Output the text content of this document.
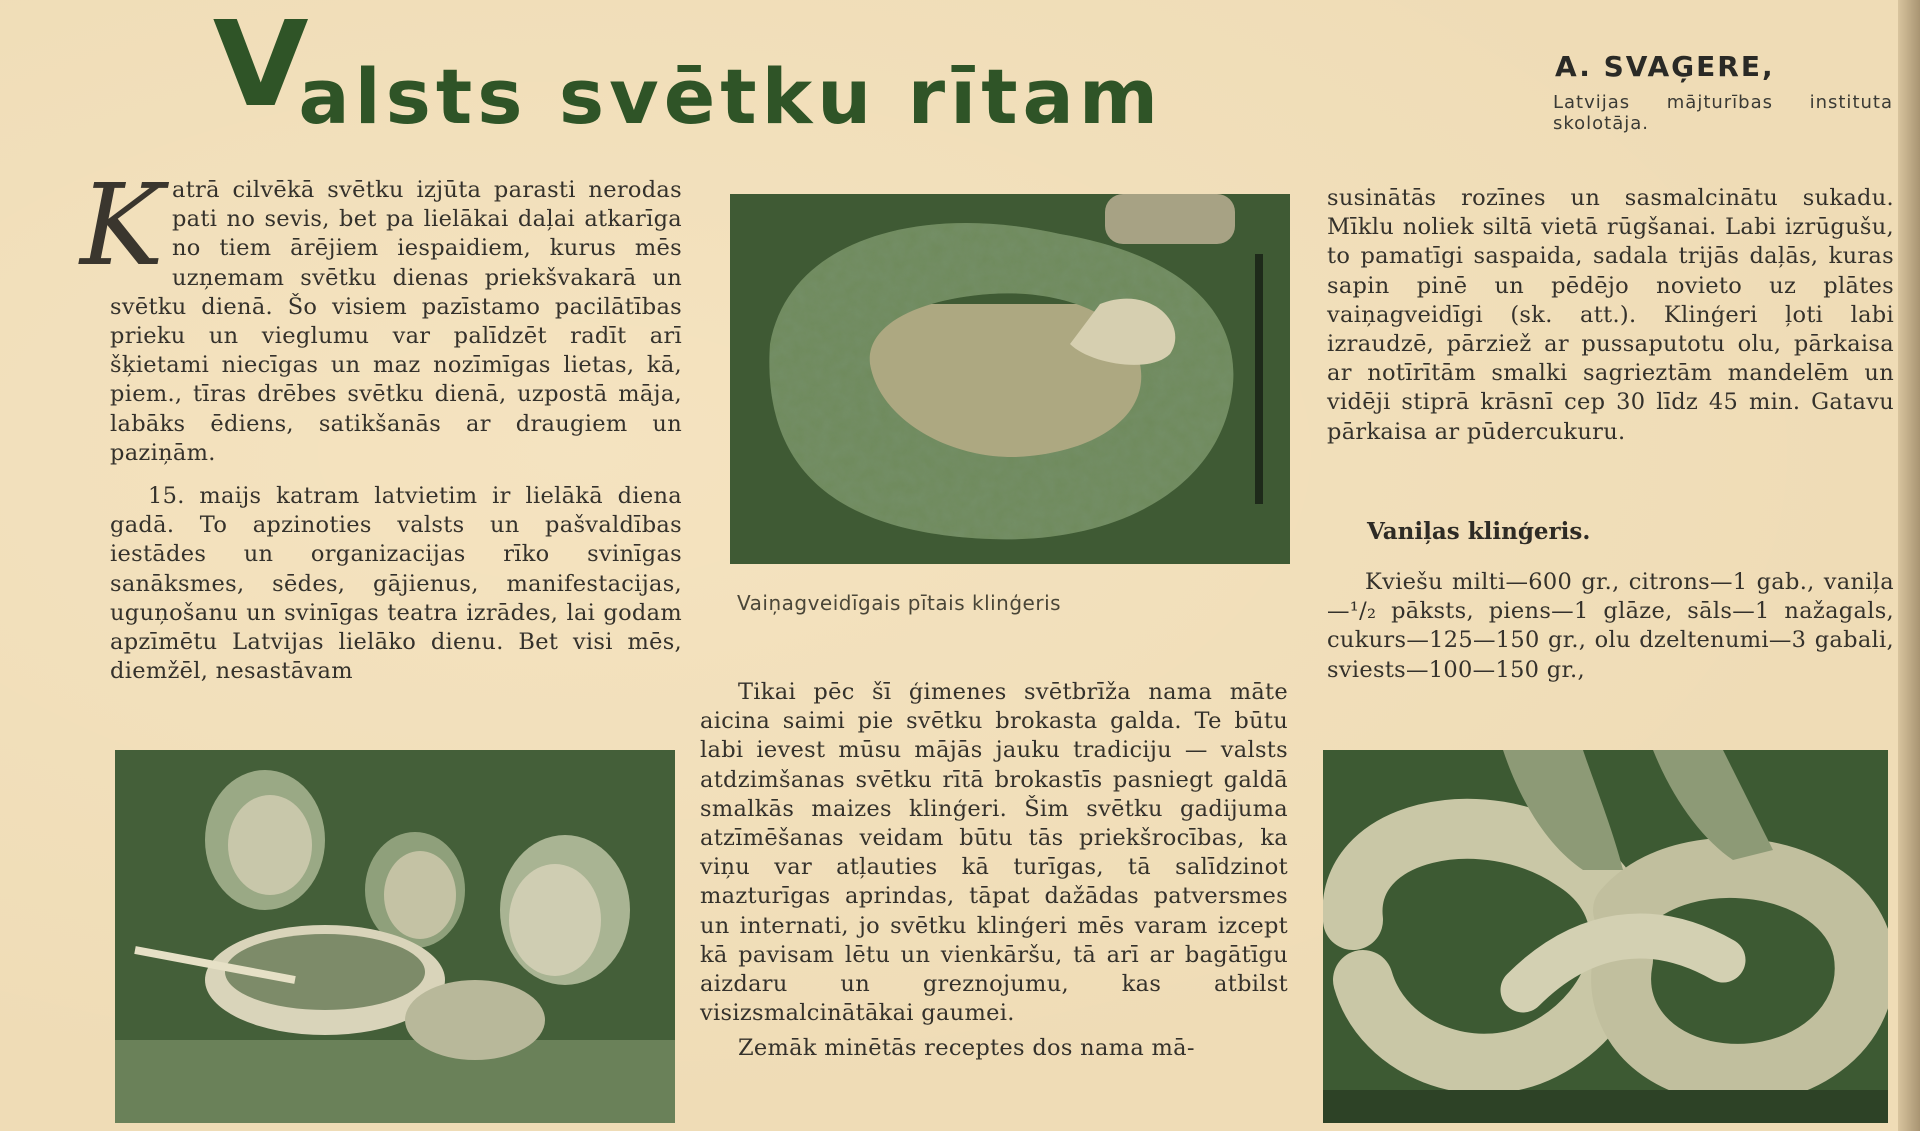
Valsts svētku rītam	A. SVAĢERE,
Latvijas mājturības instituta skolotāja.

Katrā cilvēkā svētku izjūta parasti nerodas pati no sevis, bet pa lielākai daļai atkarīga no tiem ārējiem iespaidiem, kurus mēs uzņemam svētku dienas priekšvakarā un svētku dienā. Šo visiem pazīstamo pacilātības prieku un vieglumu var palīdzēt radīt arī šķietami niecīgas un maz nozīmīgas lietas, kā, piem., tīras drēbes svētku dienā, uzpostā māja, labāks ēdiens, satikšanās ar draugiem un paziņām.

15. maijs katram latvietim ir lielākā diena gadā. To apzinoties valsts un pašvaldības iestādes un organizacijas rīko svinīgas sanāksmes, sēdes, gājienus, manifestacijas, uguņošanu un svinīgas teatra izrādes, lai godam apzīmētu Latvijas lielāko dienu. Bet visi mēs, diemžēl, nesastāvam

Vaiņagveidīgais pītais klinģeris

Tikai pēc šī ģimenes svētbrīža nama māte aicina saimi pie svētku brokasta galda. Te būtu labi ievest mūsu mājās jauku tradiciju — valsts atdzimšanas svētku rītā brokastīs pasniegt galdā smalkās maizes klinģeri. Šim svētku gadijuma atzīmēšanas veidam būtu tās priekšrocības, ka viņu var atļauties kā turīgas, tā salīdzinot mazturīgas aprindas, tāpat dažādas patversmes un internati, jo svētku klinģeri mēs varam izcept kā pavisam lētu un vienkāršu, tā arī ar bagātīgu aizdaru un greznojumu, kas atbilst visizsmalcinātākai gaumei.

Zemāk minētās receptes dos nama mā-

susinātās rozīnes un sasmalcinātu sukadu. Mīklu noliek siltā vietā rūgšanai. Labi izrūgušu, to pamatīgi saspaida, sadala trijās daļās, kuras sapin pinē un pēdējo novieto uz plātes vaiņagveidīgi (sk. att.). Klinģeri ļoti labi izraudzē, pārziež ar pussaputotu olu, pārkaisa ar notīrītām smalki sagrieztām mandelēm un vidēji stiprā krāsnī cep 30 līdz 45 min. Gatavu pārkaisa ar pūdercukuru.

Vaniļas klinģeris.

Kviešu milti—600 gr., citrons—1 gab., vaniļa—¹/₂ pāksts, piens—1 glāze, sāls—1 nažagals, cukurs—125—150 gr., olu dzeltenumi—3 gabali, sviests—100—150 gr.,
